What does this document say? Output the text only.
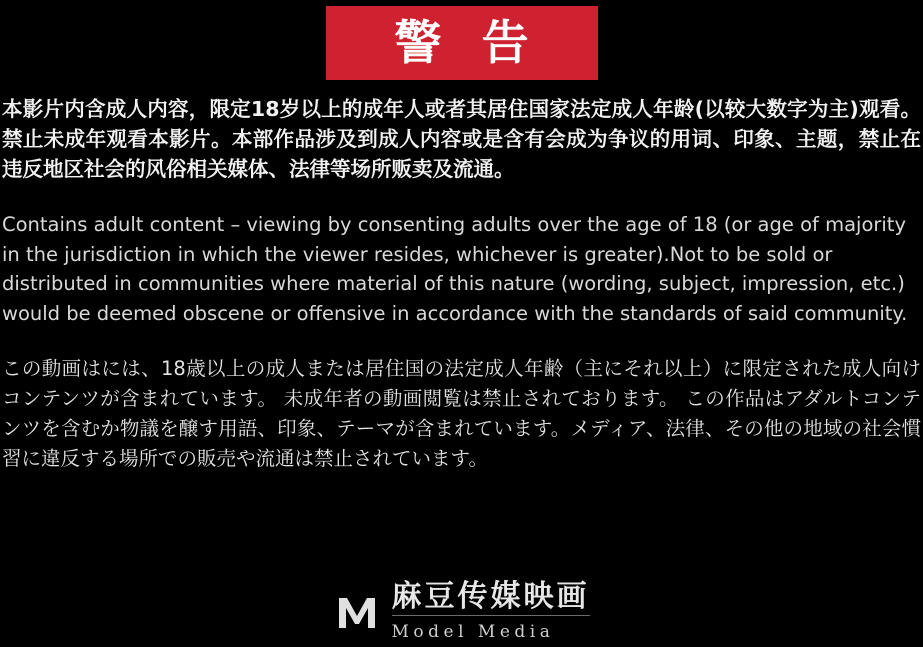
警 告

本影片内含成人内容，限定18岁以上的成年人或者其居住国家法定成人年龄(以较大数字为主)观看。禁止未成年观看本影片。本部作品涉及到成人内容或是含有会成为争议的用词、印象、主题，禁止在违反地区社会的风俗相关媒体、法律等场所贩卖及流通。

Contains adult content – viewing by consenting adults over the age of 18 (or age of majority in the jurisdiction in which the viewer resides, whichever is greater).Not to be sold or distributed in communities where material of this nature (wording, subject, impression, etc.) would be deemed obscene or offensive in accordance with the standards of said community.

この動画はには、18歳以上の成人または居住国の法定成人年齢（主にそれ以上）に限定された成人向けコンテンツが含まれています。 未成年者の動画閲覧は禁止されております。 この作品はアダルトコンテンツを含むか物議を醸す用語、印象、テーマが含まれています。メディア、法律、その他の地域の社会慣習に違反する場所での販売や流通は禁止されています。

麻豆传媒映画
Model Media
